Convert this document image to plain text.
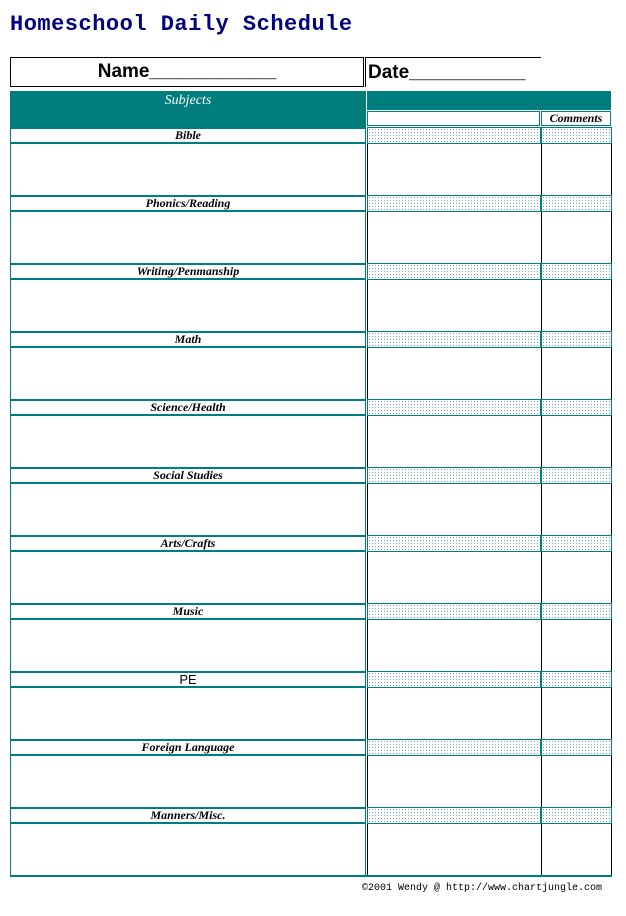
Homeschool Daily Schedule
Name____________	Date___________
Subjects
Comments
Bible
Phonics/Reading
Writing/Penmanship
Math
Science/Health
Social Studies
Arts/Crafts
Music
PE
Foreign Language
Manners/Misc.
©2001 Wendy @ http://www.chartjungle.com
